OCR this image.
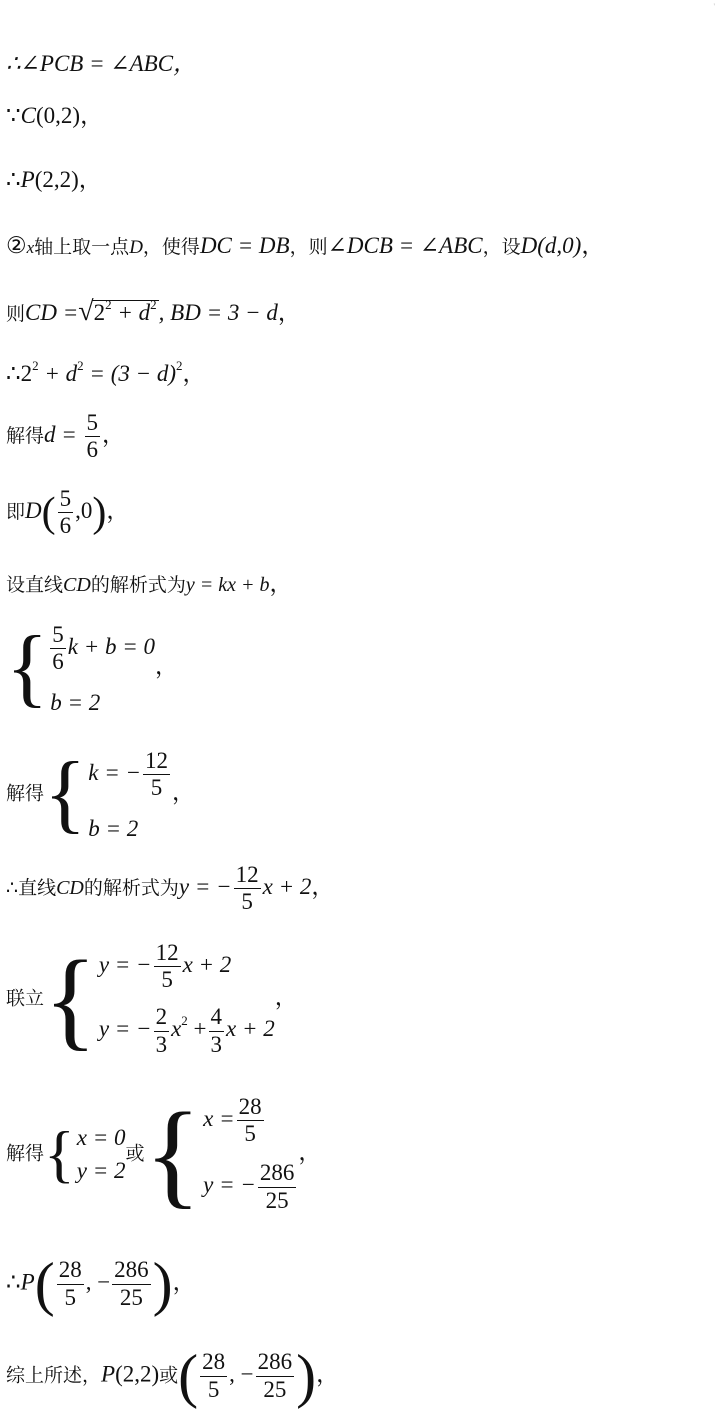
'
∴∠PCB = ∠ABC，
∵C(0,2)，
∴P(2,2)，
②x轴上取一点D，使得DC = DB，则∠DCB = ∠ABC，设D(d,0)，
则CD $=√2^2 + d^2$, BD = 3 − d，
$\therefore 2^2 + d^2 = (3 - d)^2$，
解得$d = \frac{5}{6}$ ，
即$D( \frac{5}{6} ,0)$，
设直线CD的解析式为y = kx + b，
{ $\frac{5}{6}$ k + b = 0
b = 2
，
解得 { k = − $\frac{12}{5}$
b = 2
，
∴直线CD的解析式为y = − $\frac{12}{5}$ x + 2，
联立 { y = − $\frac{12}{5}$ x + 2
y = − $\frac{2}{3} x^2 + \frac{4}{3}$ x + 2
，
解得 { x = 0
y = 2
或 { $x = \frac{28}{5}$
y = − $\frac{286}{25}$
，
∴P( $\frac{28}{5}$ , − $\frac{286}{25}$ )，
综上所述，P(2,2)或( $\frac{28}{5}$ , − $\frac{286}{25}$ )，
